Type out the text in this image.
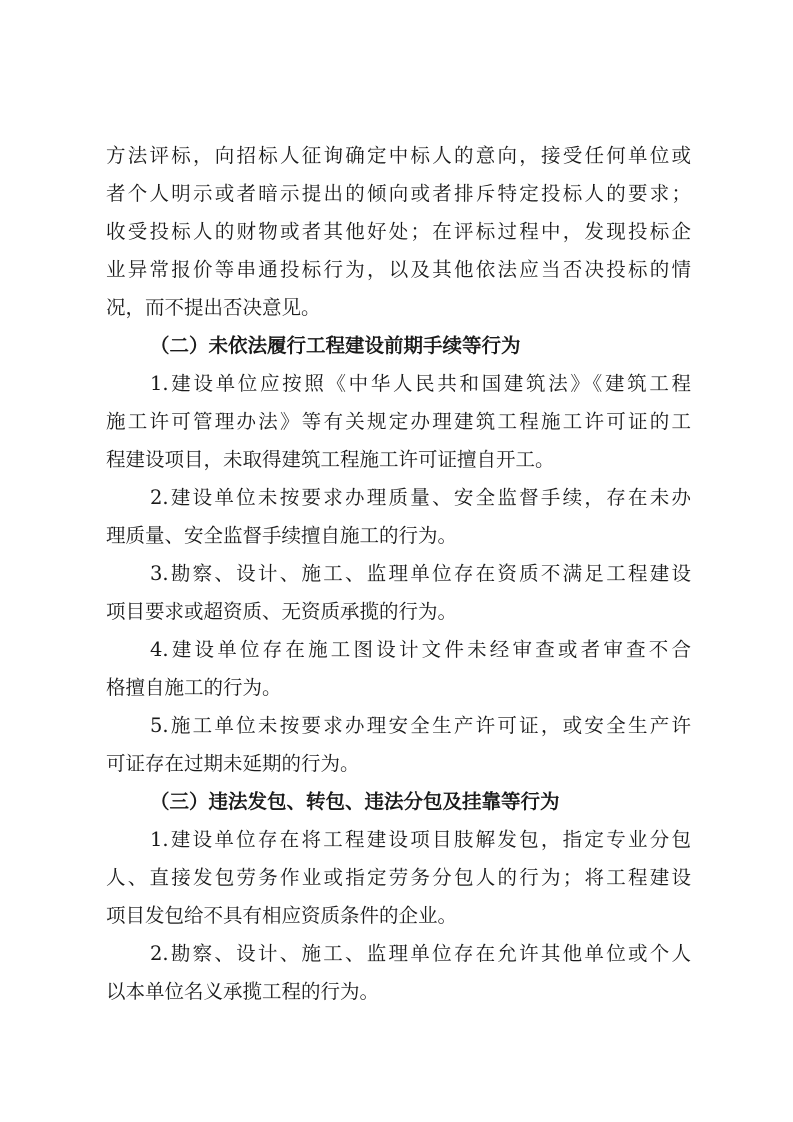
方法评标，向招标人征询确定中标人的意向，接受任何单位或
者个人明示或者暗示提出的倾向或者排斥特定投标人的要求；
收受投标人的财物或者其他好处；在评标过程中，发现投标企
业异常报价等串通投标行为，以及其他依法应当否决投标的情
况，而不提出否决意见。
（二）未依法履行工程建设前期手续等行为
1.建设单位应按照《中华人民共和国建筑法》《建筑工程
施工许可管理办法》等有关规定办理建筑工程施工许可证的工
程建设项目，未取得建筑工程施工许可证擅自开工。
2.建设单位未按要求办理质量、安全监督手续，存在未办
理质量、安全监督手续擅自施工的行为。
3.勘察、设计、施工、监理单位存在资质不满足工程建设
项目要求或超资质、无资质承揽的行为。
4.建设单位存在施工图设计文件未经审查或者审查不合
格擅自施工的行为。
5.施工单位未按要求办理安全生产许可证，或安全生产许
可证存在过期未延期的行为。
（三）违法发包、转包、违法分包及挂靠等行为
1.建设单位存在将工程建设项目肢解发包，指定专业分包
人、直接发包劳务作业或指定劳务分包人的行为；将工程建设
项目发包给不具有相应资质条件的企业。
2.勘察、设计、施工、监理单位存在允许其他单位或个人
以本单位名义承揽工程的行为。
